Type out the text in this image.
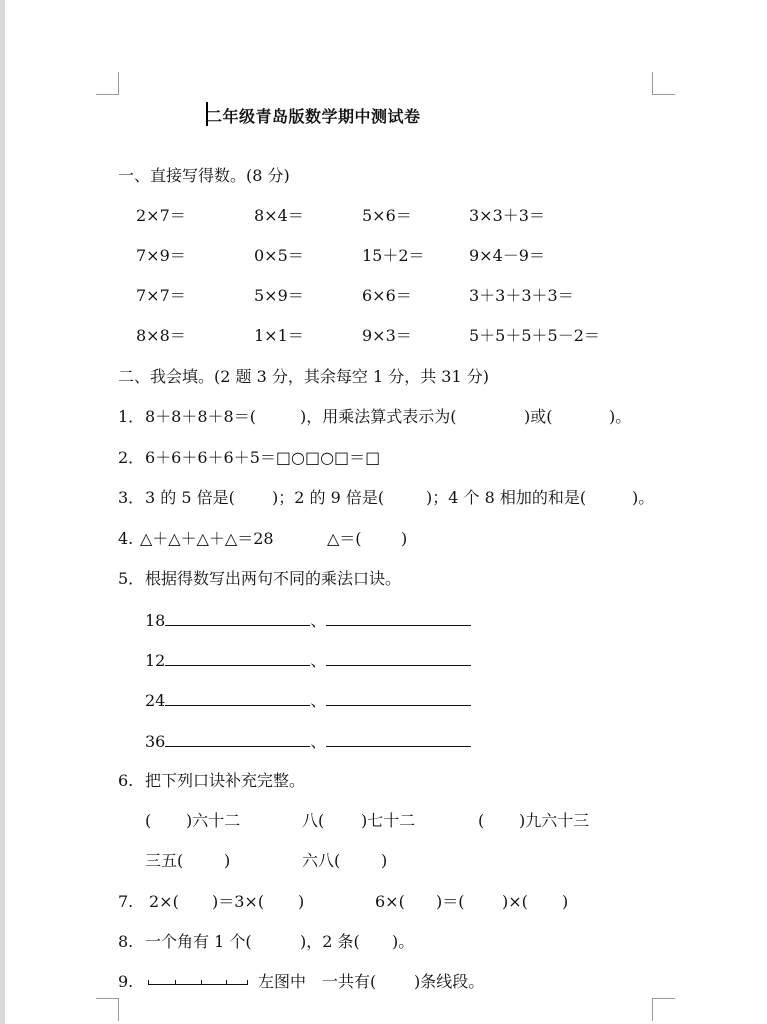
二年级青岛版数学期中测试卷
一、直接写得数。(8 分)
2×7＝	8×4＝	5×6＝	3×3＋3＝
7×9＝	0×5＝	15＋2＝	9×4－9＝
7×7＝	5×9＝	6×6＝	3＋3＋3＋3＝
8×8＝	1×1＝	9×3＝	5＋5＋5＋5－2＝
二、我会填。(2 题 3 分，其余每空 1 分，共 31 分)
1． 8＋8＋8＋8＝(	)，用乘法算式表示为(	)或(	)。
2． 6＋6＋6＋6＋5＝□○□○□＝□
3． 3 的 5 倍是( )；2 的 9 倍是(	)；4 个 8 相加的和是(	)。
4. △＋△＋△＋△＝28	△＝( )
5． 根据得数写出两句不同的乘法口诀。
18	、
12	、
24	、
36	、
6. 把下列口诀补充完整。
( )六十二	八( )七十二	( )九六十三
三五(	)	六八(	)
7. 2×( )＝3×( )	6×( )＝( )×( )
8. 一个角有 1 个(	)，2 条( )。
9.	左图中 一共有( )条线段。
